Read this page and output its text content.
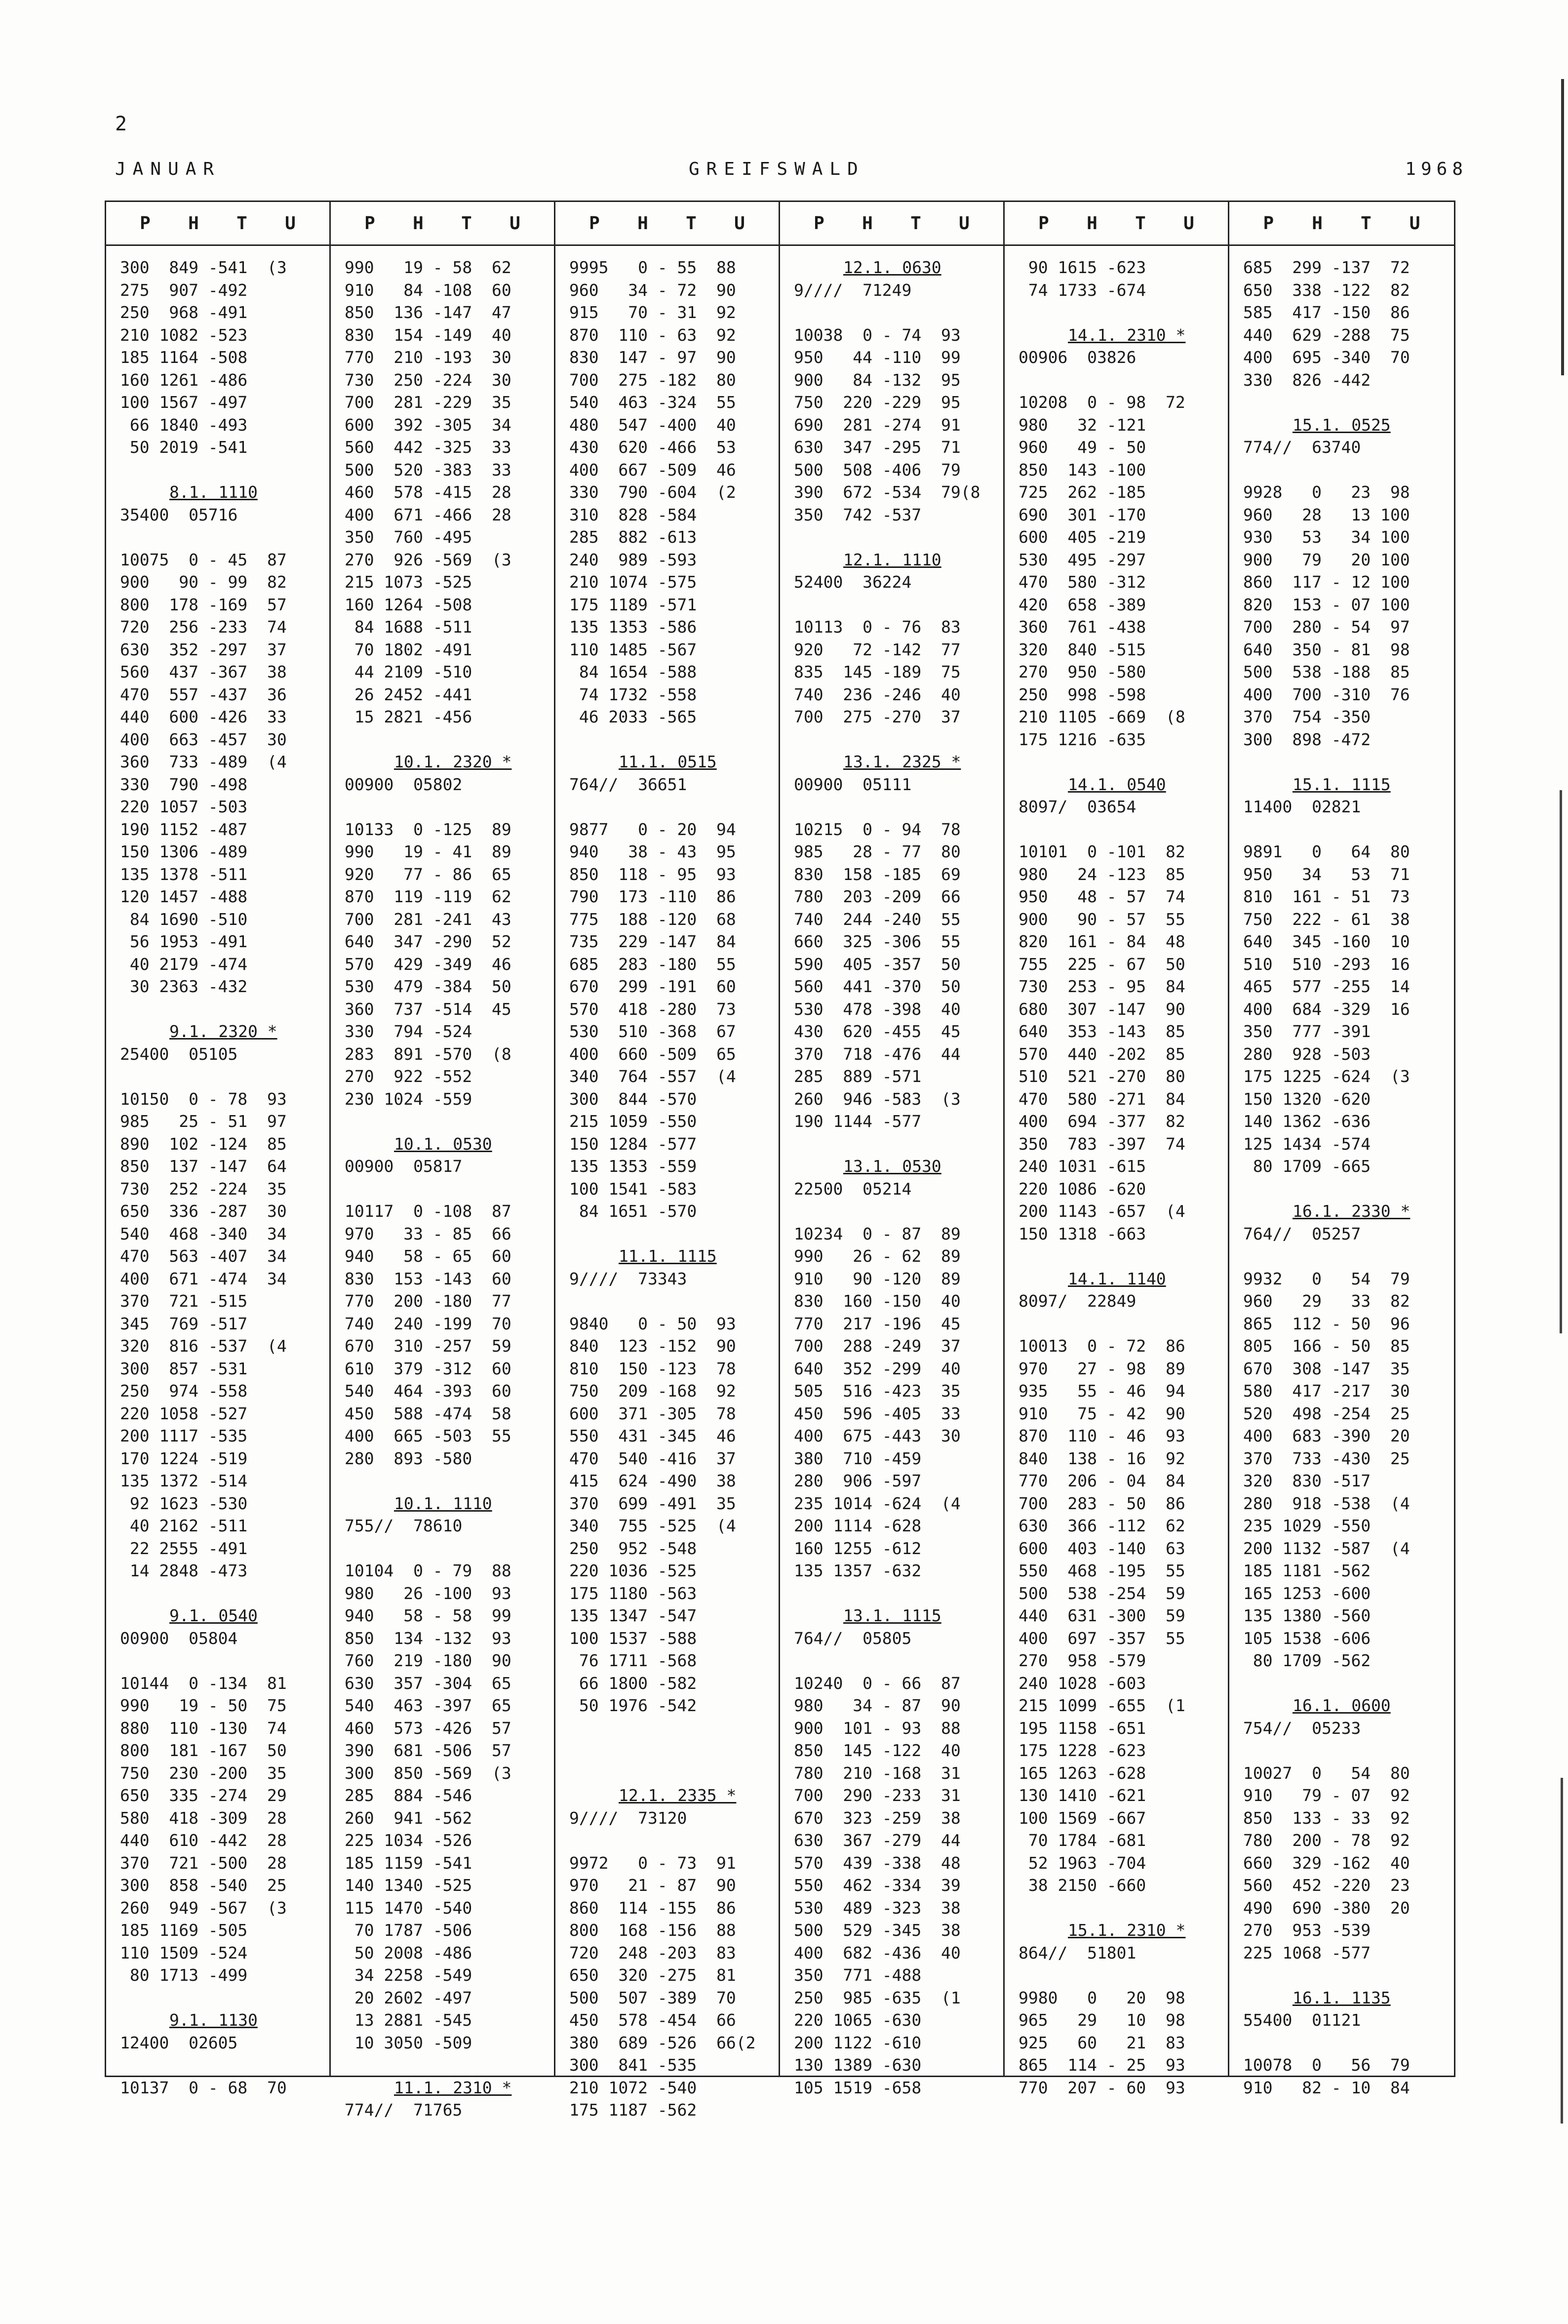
2
JANUAR	GREIFSWALD	1968
P H T U
300  849 -541  (3
275  907 -492
250  968 -491
210 1082 -523
185 1164 -508
160 1261 -486
100 1567 -497
66 1840 -493
50 2019 -541
8.1. 1110
35400  05716
10075  0 - 45  87
900   90 - 99  82
800  178 -169  57
720  256 -233  74
630  352 -297  37
560  437 -367  38
470  557 -437  36
440  600 -426  33
400  663 -457  30
360  733 -489  (4
330  790 -498
220 1057 -503
190 1152 -487
150 1306 -489
135 1378 -511
120 1457 -488
84 1690 -510
56 1953 -491
40 2179 -474
30 2363 -432
9.1. 2320 *
25400  05105
10150  0 - 78  93
985   25 - 51  97
890  102 -124  85
850  137 -147  64
730  252 -224  35
650  336 -287  30
540  468 -340  34
470  563 -407  34
400  671 -474  34
370  721 -515
345  769 -517
320  816 -537  (4
300  857 -531
250  974 -558
220 1058 -527
200 1117 -535
170 1224 -519
135 1372 -514
92 1623 -530
40 2162 -511
22 2555 -491
14 2848 -473
9.1. 0540
00900  05804
10144  0 -134  81
990   19 - 50  75
880  110 -130  74
800  181 -167  50
750  230 -200  35
650  335 -274  29
580  418 -309  28
440  610 -442  28
370  721 -500  28
300  858 -540  25
260  949 -567  (3
185 1169 -505
110 1509 -524
80 1713 -499
9.1. 1130
12400  02605
10137  0 - 68  70
P H T U
990   19 - 58  62
910   84 -108  60
850  136 -147  47
830  154 -149  40
770  210 -193  30
730  250 -224  30
700  281 -229  35
600  392 -305  34
560  442 -325  33
500  520 -383  33
460  578 -415  28
400  671 -466  28
350  760 -495
270  926 -569  (3
215 1073 -525
160 1264 -508
84 1688 -511
70 1802 -491
44 2109 -510
26 2452 -441
15 2821 -456
10.1. 2320 *
00900  05802
10133  0 -125  89
990   19 - 41  89
920   77 - 86  65
870  119 -119  62
700  281 -241  43
640  347 -290  52
570  429 -349  46
530  479 -384  50
360  737 -514  45
330  794 -524
283  891 -570  (8
270  922 -552
230 1024 -559
10.1. 0530
00900  05817
10117  0 -108  87
970   33 - 85  66
940   58 - 65  60
830  153 -143  60
770  200 -180  77
740  240 -199  70
670  310 -257  59
610  379 -312  60
540  464 -393  60
450  588 -474  58
400  665 -503  55
280  893 -580
10.1. 1110
755//  78610
10104  0 - 79  88
980   26 -100  93
940   58 - 58  99
850  134 -132  93
760  219 -180  90
630  357 -304  65
540  463 -397  65
460  573 -426  57
390  681 -506  57
300  850 -569  (3
285  884 -546
260  941 -562
225 1034 -526
185 1159 -541
140 1340 -525
115 1470 -540
70 1787 -506
50 2008 -486
34 2258 -549
20 2602 -497
13 2881 -545
10 3050 -509
11.1. 2310 *
774//  71765
P H T U
9995   0 - 55  88
960   34 - 72  90
915   70 - 31  92
870  110 - 63  92
830  147 - 97  90
700  275 -182  80
540  463 -324  55
480  547 -400  40
430  620 -466  53
400  667 -509  46
330  790 -604  (2
310  828 -584
285  882 -613
240  989 -593
210 1074 -575
175 1189 -571
135 1353 -586
110 1485 -567
84 1654 -588
74 1732 -558
46 2033 -565
11.1. 0515
764//  36651
9877   0 - 20  94
940   38 - 43  95
850  118 - 95  93
790  173 -110  86
775  188 -120  68
735  229 -147  84
685  283 -180  55
670  299 -191  60
570  418 -280  73
530  510 -368  67
400  660 -509  65
340  764 -557  (4
300  844 -570
215 1059 -550
150 1284 -577
135 1353 -559
100 1541 -583
84 1651 -570
11.1. 1115
9////  73343
9840   0 - 50  93
840  123 -152  90
810  150 -123  78
750  209 -168  92
600  371 -305  78
550  431 -345  46
470  540 -416  37
415  624 -490  38
370  699 -491  35
340  755 -525  (4
250  952 -548
220 1036 -525
175 1180 -563
135 1347 -547
100 1537 -588
76 1711 -568
66 1800 -582
50 1976 -542
12.1. 2335 *
9////  73120
9972   0 - 73  91
970   21 - 87  90
860  114 -155  86
800  168 -156  88
720  248 -203  83
650  320 -275  81
500  507 -389  70
450  578 -454  66
380  689 -526  66(2
300  841 -535
210 1072 -540
175 1187 -562
P H T U
12.1. 0630
9////  71249
10038  0 - 74  93
950   44 -110  99
900   84 -132  95
750  220 -229  95
690  281 -274  91
630  347 -295  71
500  508 -406  79
390  672 -534  79(8
350  742 -537
12.1. 1110
52400  36224
10113  0 - 76  83
920   72 -142  77
835  145 -189  75
740  236 -246  40
700  275 -270  37
13.1. 2325 *
00900  05111
10215  0 - 94  78
985   28 - 77  80
830  158 -185  69
780  203 -209  66
740  244 -240  55
660  325 -306  55
590  405 -357  50
560  441 -370  50
530  478 -398  40
430  620 -455  45
370  718 -476  44
285  889 -571
260  946 -583  (3
190 1144 -577
13.1. 0530
22500  05214
10234  0 - 87  89
990   26 - 62  89
910   90 -120  89
830  160 -150  40
770  217 -196  45
700  288 -249  37
640  352 -299  40
505  516 -423  35
450  596 -405  33
400  675 -443  30
380  710 -459
280  906 -597
235 1014 -624  (4
200 1114 -628
160 1255 -612
135 1357 -632
13.1. 1115
764//  05805
10240  0 - 66  87
980   34 - 87  90
900  101 - 93  88
850  145 -122  40
780  210 -168  31
700  290 -233  31
670  323 -259  38
630  367 -279  44
570  439 -338  48
550  462 -334  39
530  489 -323  38
500  529 -345  38
400  682 -436  40
350  771 -488
250  985 -635  (1
220 1065 -630
200 1122 -610
130 1389 -630
105 1519 -658
P H T U
90 1615 -623
74 1733 -674
14.1. 2310 *
00906  03826
10208  0 - 98  72
980   32 -121
960   49 - 50
850  143 -100
725  262 -185
690  301 -170
600  405 -219
530  495 -297
470  580 -312
420  658 -389
360  761 -438
320  840 -515
270  950 -580
250  998 -598
210 1105 -669  (8
175 1216 -635
14.1. 0540
8097/  03654
10101  0 -101  82
980   24 -123  85
950   48 - 57  74
900   90 - 57  55
820  161 - 84  48
755  225 - 67  50
730  253 - 95  84
680  307 -147  90
640  353 -143  85
570  440 -202  85
510  521 -270  80
470  580 -271  84
400  694 -377  82
350  783 -397  74
240 1031 -615
220 1086 -620
200 1143 -657  (4
150 1318 -663
14.1. 1140
8097/  22849
10013  0 - 72  86
970   27 - 98  89
935   55 - 46  94
910   75 - 42  90
870  110 - 46  93
840  138 - 16  92
770  206 - 04  84
700  283 - 50  86
630  366 -112  62
600  403 -140  63
550  468 -195  55
500  538 -254  59
440  631 -300  59
400  697 -357  55
270  958 -579
240 1028 -603
215 1099 -655  (1
195 1158 -651
175 1228 -623
165 1263 -628
130 1410 -621
100 1569 -667
70 1784 -681
52 1963 -704
38 2150 -660
15.1. 2310 *
864//  51801
9980   0   20  98
965   29   10  98
925   60   21  83
865  114 - 25  93
770  207 - 60  93
P H T U
685  299 -137  72
650  338 -122  82
585  417 -150  86
440  629 -288  75
400  695 -340  70
330  826 -442
15.1. 0525
774//  63740
9928   0   23  98
960   28   13 100
930   53   34 100
900   79   20 100
860  117 - 12 100
820  153 - 07 100
700  280 - 54  97
640  350 - 81  98
500  538 -188  85
400  700 -310  76
370  754 -350
300  898 -472
15.1. 1115
11400  02821
9891   0   64  80
950   34   53  71
810  161 - 51  73
750  222 - 61  38
640  345 -160  10
510  510 -293  16
465  577 -255  14
400  684 -329  16
350  777 -391
280  928 -503
175 1225 -624  (3
150 1320 -620
140 1362 -636
125 1434 -574
80 1709 -665
16.1. 2330 *
764//  05257
9932   0   54  79
960   29   33  82
865  112 - 50  96
805  166 - 50  85
670  308 -147  35
580  417 -217  30
520  498 -254  25
400  683 -390  20
370  733 -430  25
320  830 -517
280  918 -538  (4
235 1029 -550
200 1132 -587  (4
185 1181 -562
165 1253 -600
135 1380 -560
105 1538 -606
80 1709 -562
16.1. 0600
754//  05233
10027  0   54  80
910   79 - 07  92
850  133 - 33  92
780  200 - 78  92
660  329 -162  40
560  452 -220  23
490  690 -380  20
270  953 -539
225 1068 -577
16.1. 1135
55400  01121
10078  0   56  79
910   82 - 10  84
